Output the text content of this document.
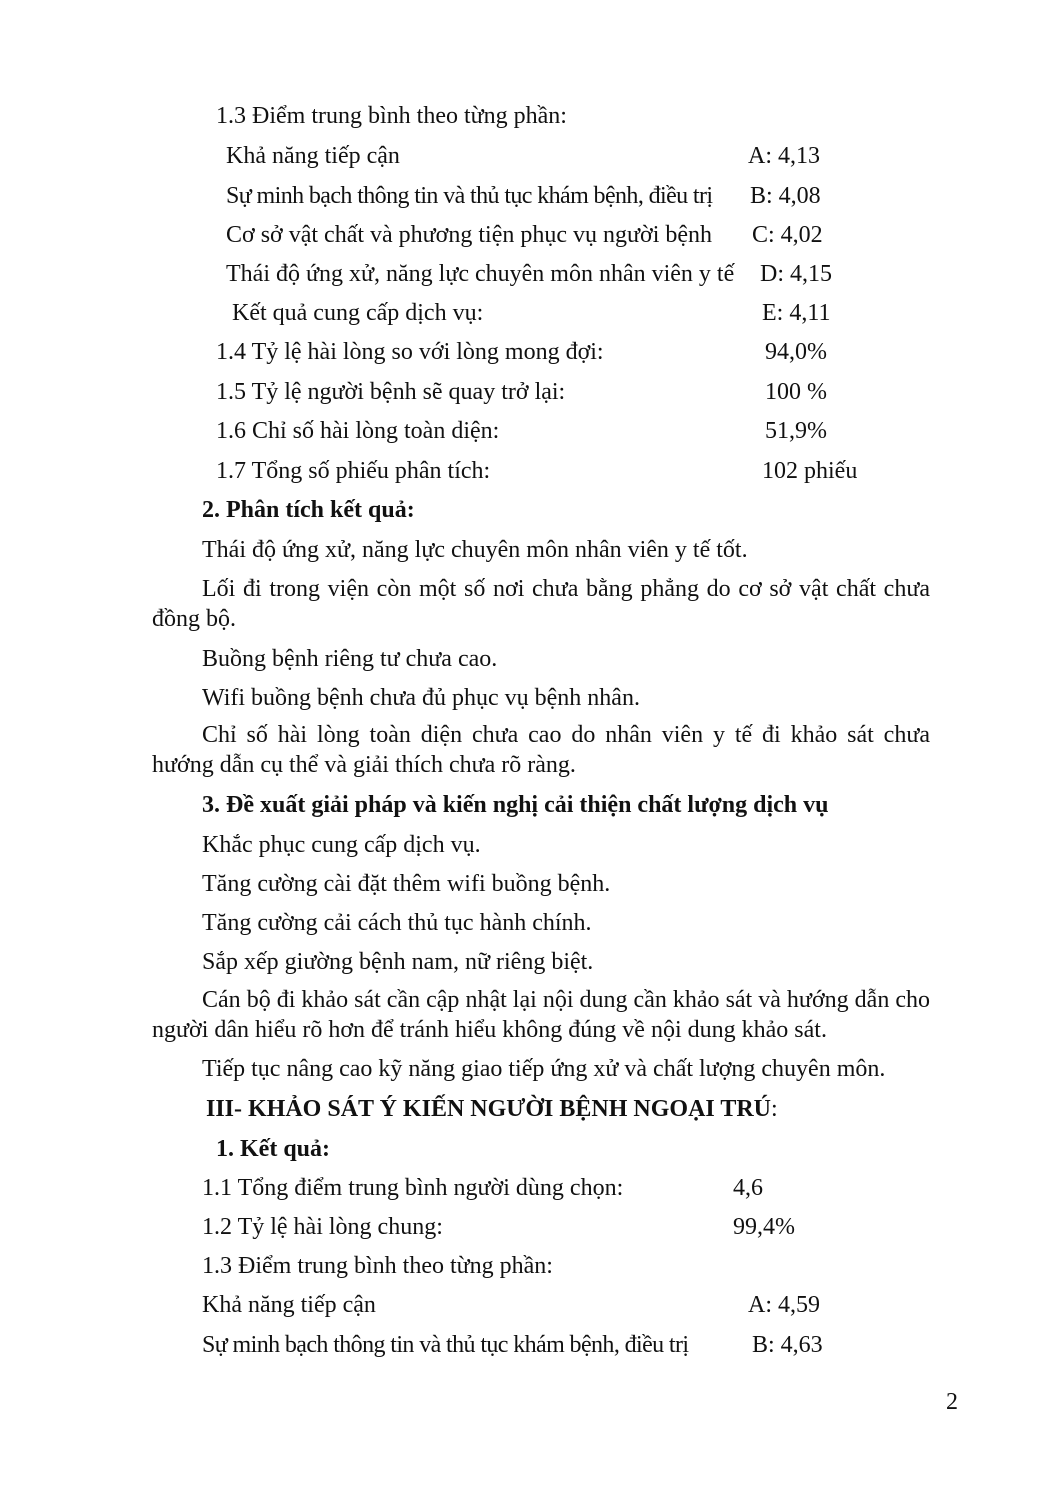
1.3 Điểm trung bình theo từng phần:
Khả năng tiếp cận	A: 4,13
Sự minh bạch thông tin và thủ tục khám bệnh, điều trị B: 4,08
Cơ sở vật chất và phương tiện phục vụ người bệnh C: 4,02
Thái độ ứng xử, năng lực chuyên môn nhân viên y tế D: 4,15
Kết quả cung cấp dịch vụ:	E: 4,11
1.4 Tỷ lệ hài lòng so với lòng mong đợi:	94,0%
1.5 Tỷ lệ người bệnh sẽ quay trở lại:	100 %
1.6 Chỉ số hài lòng toàn diện:	51,9%
1.7 Tổng số phiếu phân tích:	102 phiếu
2. Phân tích kết quả:
Thái độ ứng xử, năng lực chuyên môn nhân viên y tế tốt.
Lối đi trong viện còn một số nơi chưa bằng phẳng do cơ sở vật chất chưa đồng bộ.
Buồng bệnh riêng tư chưa cao.
Wifi buồng bệnh chưa đủ phục vụ bệnh nhân.
Chỉ số hài lòng toàn diện chưa cao do nhân viên y tế đi khảo sát chưa hướng dẫn cụ thể và giải thích chưa rõ ràng.
3. Đề xuất giải pháp và kiến nghị cải thiện chất lượng dịch vụ
Khắc phục cung cấp dịch vụ.
Tăng cường cài đặt thêm wifi buồng bệnh.
Tăng cường cải cách thủ tục hành chính.
Sắp xếp giường bệnh nam, nữ riêng biệt.
Cán bộ đi khảo sát cần cập nhật lại nội dung cần khảo sát và hướng dẫn cho người dân hiểu rõ hơn để tránh hiểu không đúng về nội dung khảo sát.
Tiếp tục nâng cao kỹ năng giao tiếp ứng xử và chất lượng chuyên môn.
III- KHẢO SÁT Ý KIẾN NGƯỜI BỆNH NGOẠI TRÚ:
1. Kết quả:
1.1 Tổng điểm trung bình người dùng chọn:	4,6
1.2 Tỷ lệ hài lòng chung:	99,4%
1.3 Điểm trung bình theo từng phần:
Khả năng tiếp cận	A: 4,59
Sự minh bạch thông tin và thủ tục khám bệnh, điều trị	B: 4,63
2
